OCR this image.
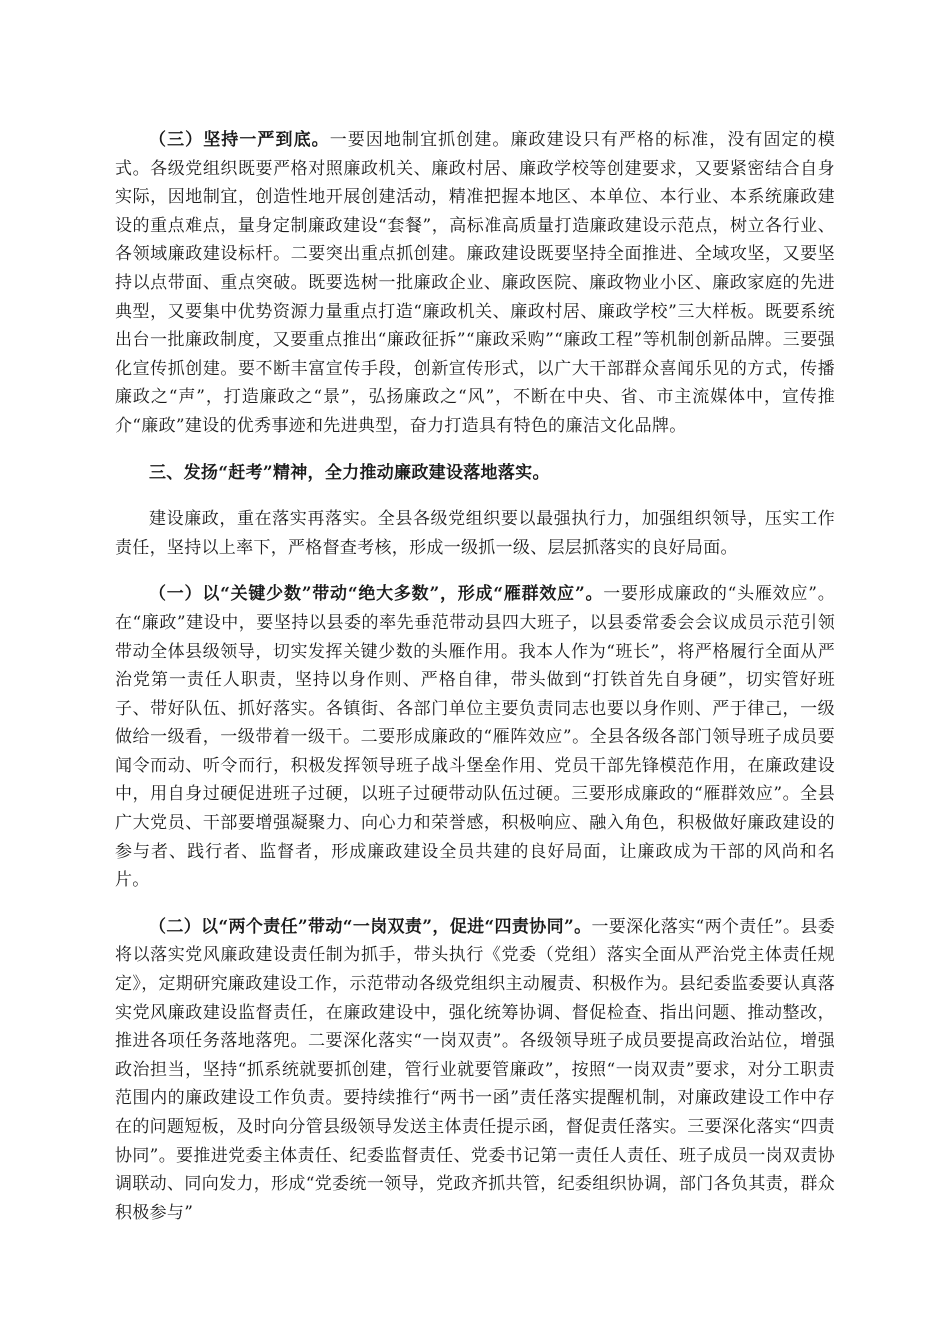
（三）坚持一严到底。一要因地制宜抓创建。廉政建设只有严格的标准，没有固定的模式。各级党组织既要严格对照廉政机关、廉政村居、廉政学校等创建要求，又要紧密结合自身实际，因地制宜，创造性地开展创建活动，精准把握本地区、本单位、本行业、本系统廉政建设的重点难点，量身定制廉政建设“套餐”，高标准高质量打造廉政建设示范点，树立各行业、各领域廉政建设标杆。二要突出重点抓创建。廉政建设既要坚持全面推进、全域攻坚，又要坚持以点带面、重点突破。既要选树一批廉政企业、廉政医院、廉政物业小区、廉政家庭的先进典型，又要集中优势资源力量重点打造“廉政机关、廉政村居、廉政学校”三大样板。既要系统出台一批廉政制度，又要重点推出“廉政征拆”“廉政采购”“廉政工程”等机制创新品牌。三要强化宣传抓创建。要不断丰富宣传手段，创新宣传形式，以广大干部群众喜闻乐见的方式，传播廉政之“声”，打造廉政之“景”，弘扬廉政之“风”，不断在中央、省、市主流媒体中，宣传推介“廉政”建设的优秀事迹和先进典型，奋力打造具有特色的廉洁文化品牌。

三、发扬“赶考”精神，全力推动廉政建设落地落实。

建设廉政，重在落实再落实。全县各级党组织要以最强执行力，加强组织领导，压实工作责任，坚持以上率下，严格督查考核，形成一级抓一级、层层抓落实的良好局面。

（一）以“关键少数”带动“绝大多数”，形成“雁群效应”。一要形成廉政的“头雁效应”。在“廉政”建设中，要坚持以县委的率先垂范带动县四大班子，以县委常委会会议成员示范引领带动全体县级领导，切实发挥关键少数的头雁作用。我本人作为“班长”，将严格履行全面从严治党第一责任人职责，坚持以身作则、严格自律，带头做到“打铁首先自身硬”，切实管好班子、带好队伍、抓好落实。各镇街、各部门单位主要负责同志也要以身作则、严于律己，一级做给一级看，一级带着一级干。二要形成廉政的“雁阵效应”。全县各级各部门领导班子成员要闻令而动、听令而行，积极发挥领导班子战斗堡垒作用、党员干部先锋模范作用，在廉政建设中，用自身过硬促进班子过硬，以班子过硬带动队伍过硬。三要形成廉政的“雁群效应”。全县广大党员、干部要增强凝聚力、向心力和荣誉感，积极响应、融入角色，积极做好廉政建设的参与者、践行者、监督者，形成廉政建设全员共建的良好局面，让廉政成为干部的风尚和名片。

（二）以“两个责任”带动“一岗双责”，促进“四责协同”。一要深化落实“两个责任”。县委将以落实党风廉政建设责任制为抓手，带头执行《党委（党组）落实全面从严治党主体责任规定》，定期研究廉政建设工作，示范带动各级党组织主动履责、积极作为。县纪委监委要认真落实党风廉政建设监督责任，在廉政建设中，强化统筹协调、督促检查、指出问题、推动整改，推进各项任务落地落兜。二要深化落实“一岗双责”。各级领导班子成员要提高政治站位，增强政治担当，坚持“抓系统就要抓创建，管行业就要管廉政”，按照“一岗双责”要求，对分工职责范围内的廉政建设工作负责。要持续推行“两书一函”责任落实提醒机制，对廉政建设工作中存在的问题短板，及时向分管县级领导发送主体责任提示函，督促责任落实。三要深化落实“四责协同”。要推进党委主体责任、纪委监督责任、党委书记第一责任人责任、班子成员一岗双责协调联动、同向发力，形成“党委统一领导，党政齐抓共管，纪委组织协调，部门各负其责，群众积极参与”
